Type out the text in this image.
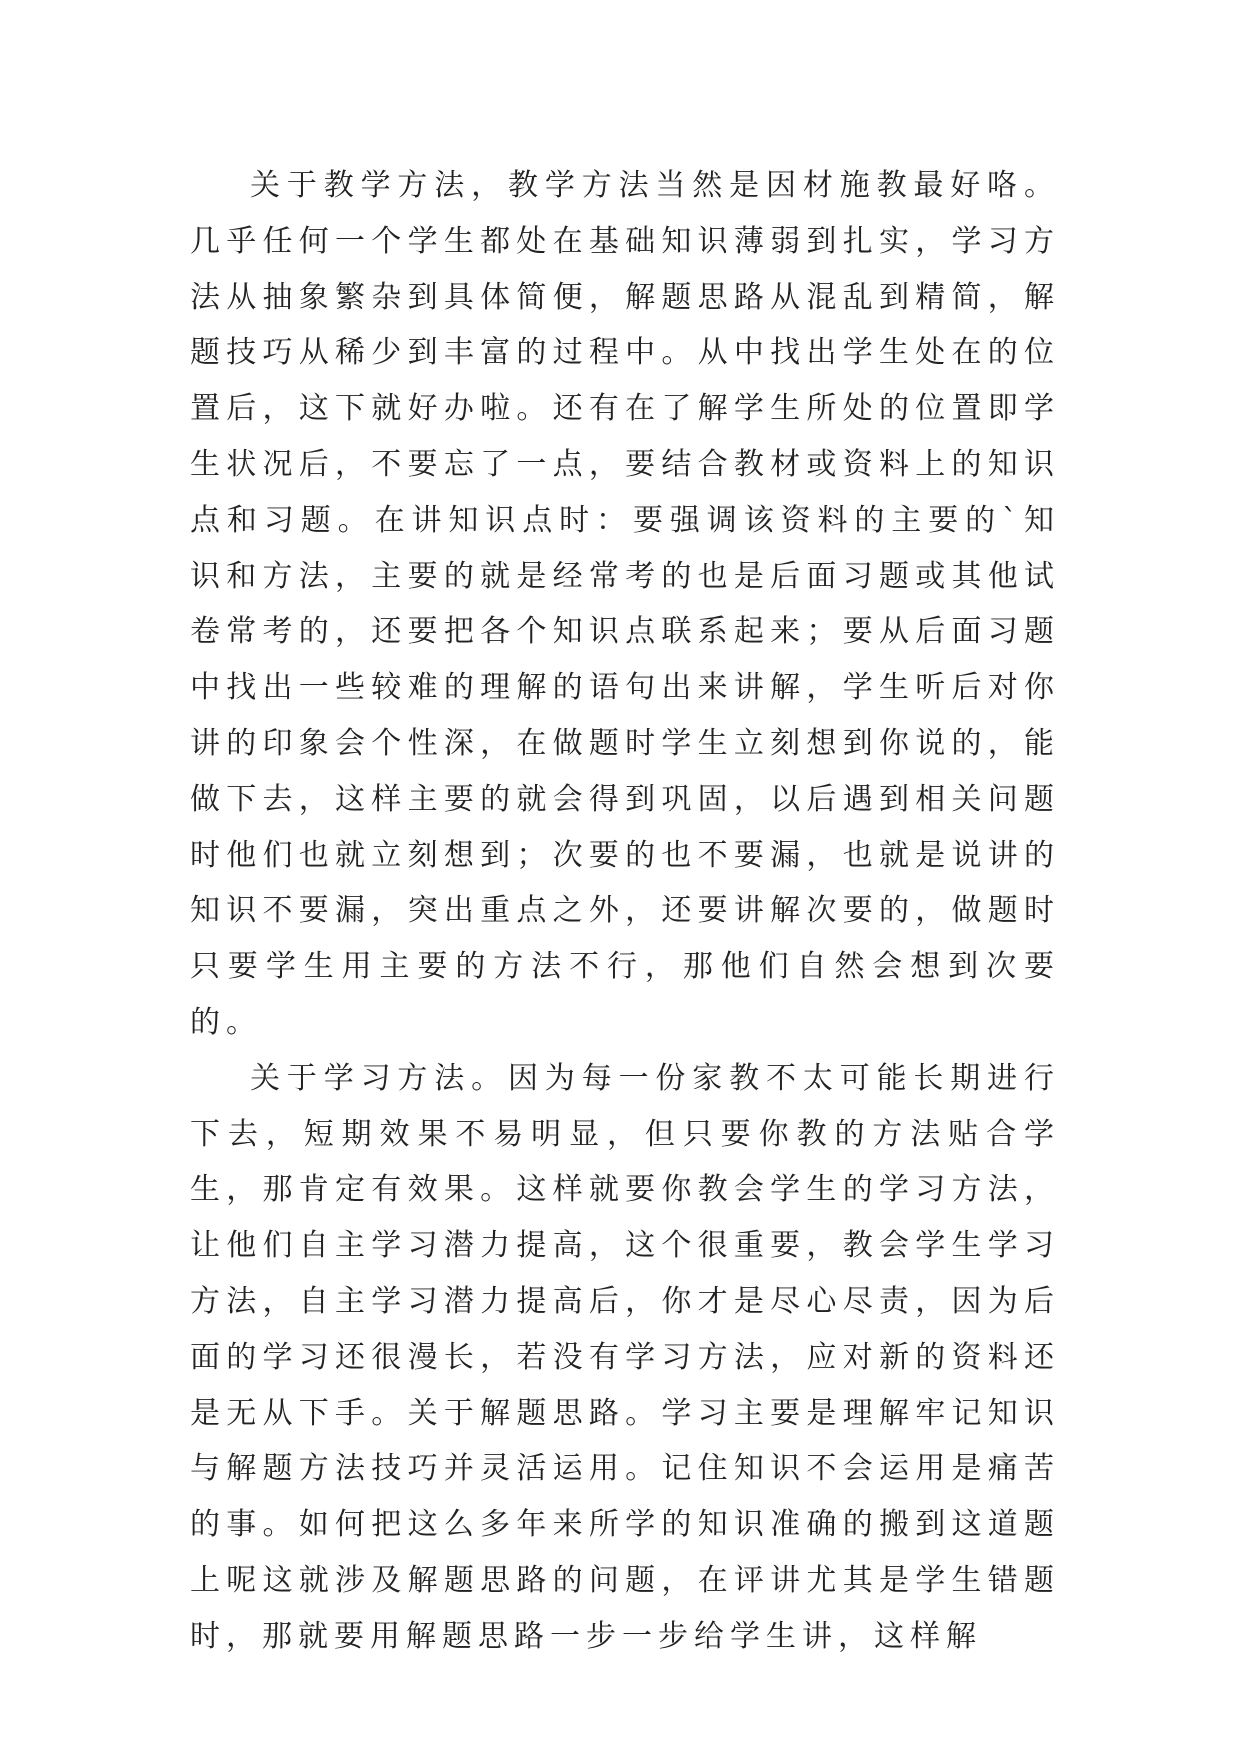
关于教学方法，教学方法当然是因材施教最好咯。几乎任何一个学生都处在基础知识薄弱到扎实，学习方法从抽象繁杂到具体简便，解题思路从混乱到精简，解题技巧从稀少到丰富的过程中。从中找出学生处在的位置后，这下就好办啦。还有在了解学生所处的位置即学生状况后，不要忘了一点，要结合教材或资料上的知识点和习题。在讲知识点时：要强调该资料的主要的`知识和方法，主要的就是经常考的也是后面习题或其他试卷常考的，还要把各个知识点联系起来；要从后面习题中找出一些较难的理解的语句出来讲解，学生听后对你讲的印象会个性深，在做题时学生立刻想到你说的，能做下去，这样主要的就会得到巩固，以后遇到相关问题时他们也就立刻想到；次要的也不要漏，也就是说讲的知识不要漏，突出重点之外，还要讲解次要的，做题时只要学生用主要的方法不行，那他们自然会想到次要的。

关于学习方法。因为每一份家教不太可能长期进行下去，短期效果不易明显，但只要你教的方法贴合学生，那肯定有效果。这样就要你教会学生的学习方法，让他们自主学习潜力提高，这个很重要，教会学生学习方法，自主学习潜力提高后，你才是尽心尽责，因为后面的学习还很漫长，若没有学习方法，应对新的资料还是无从下手。关于解题思路。学习主要是理解牢记知识与解题方法技巧并灵活运用。记住知识不会运用是痛苦的事。如何把这么多年来所学的知识准确的搬到这道题上呢这就涉及解题思路的问题，在评讲尤其是学生错题时，那就要用解题思路一步一步给学生讲，这样解
